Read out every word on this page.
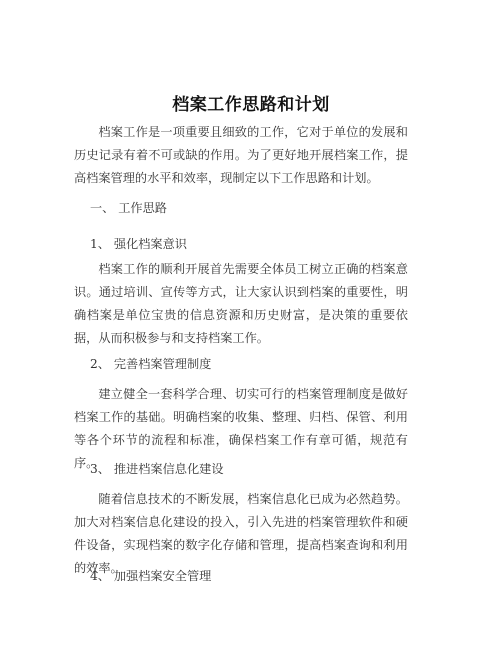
档案工作思路和计划
档案工作是一项重要且细致的工作，它对于单位的发展和历史记录有着不可或缺的作用。为了更好地开展档案工作，提高档案管理的水平和效率，现制定以下工作思路和计划。
一、 工作思路
1、 强化档案意识
档案工作的顺利开展首先需要全体员工树立正确的档案意识。通过培训、宣传等方式，让大家认识到档案的重要性，明确档案是单位宝贵的信息资源和历史财富，是决策的重要依据，从而积极参与和支持档案工作。
2、 完善档案管理制度
建立健全一套科学合理、切实可行的档案管理制度是做好档案工作的基础。明确档案的收集、整理、归档、保管、利用等各个环节的流程和标准，确保档案工作有章可循，规范有序。
3、 推进档案信息化建设
随着信息技术的不断发展，档案信息化已成为必然趋势。加大对档案信息化建设的投入，引入先进的档案管理软件和硬件设备，实现档案的数字化存储和管理，提高档案查询和利用的效率。
4、 加强档案安全管理
